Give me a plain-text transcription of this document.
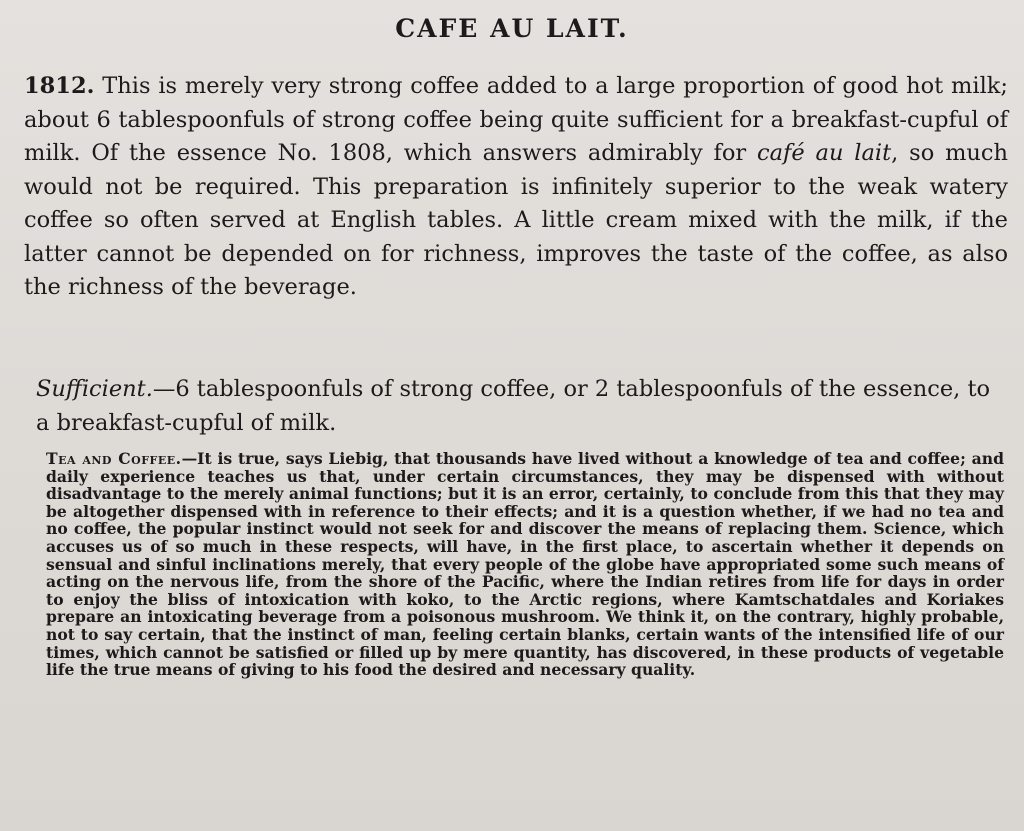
CAFE AU LAIT.

1812. This is merely very strong coffee added to a large proportion of good hot milk; about 6 tablespoonfuls of strong coffee being quite sufficient for a breakfast-cupful of milk. Of the essence No. 1808, which answers admirably for café au lait, so much would not be required. This preparation is infinitely superior to the weak watery coffee so often served at English tables. A little cream mixed with the milk, if the latter cannot be depended on for richness, improves the taste of the coffee, as also the richness of the beverage.

Sufficient.—6 tablespoonfuls of strong coffee, or 2 tablespoonfuls of the essence, to a breakfast-cupful of milk.

Tea and Coffee.—It is true, says Liebig, that thousands have lived without a knowledge of tea and coffee; and daily experience teaches us that, under certain circumstances, they may be dispensed with without disadvantage to the merely animal functions; but it is an error, certainly, to conclude from this that they may be altogether dispensed with in reference to their effects; and it is a question whether, if we had no tea and no coffee, the popular instinct would not seek for and discover the means of replacing them. Science, which accuses us of so much in these respects, will have, in the first place, to ascertain whether it depends on sensual and sinful inclinations merely, that every people of the globe have appropriated some such means of acting on the nervous life, from the shore of the Pacific, where the Indian retires from life for days in order to enjoy the bliss of intoxication with koko, to the Arctic regions, where Kamtschatdales and Koriakes prepare an intoxicating beverage from a poisonous mushroom. We think it, on the contrary, highly probable, not to say certain, that the instinct of man, feeling certain blanks, certain wants of the intensified life of our times, which cannot be satisfied or filled up by mere quantity, has discovered, in these products of vegetable life the true means of giving to his food the desired and necessary quality.
